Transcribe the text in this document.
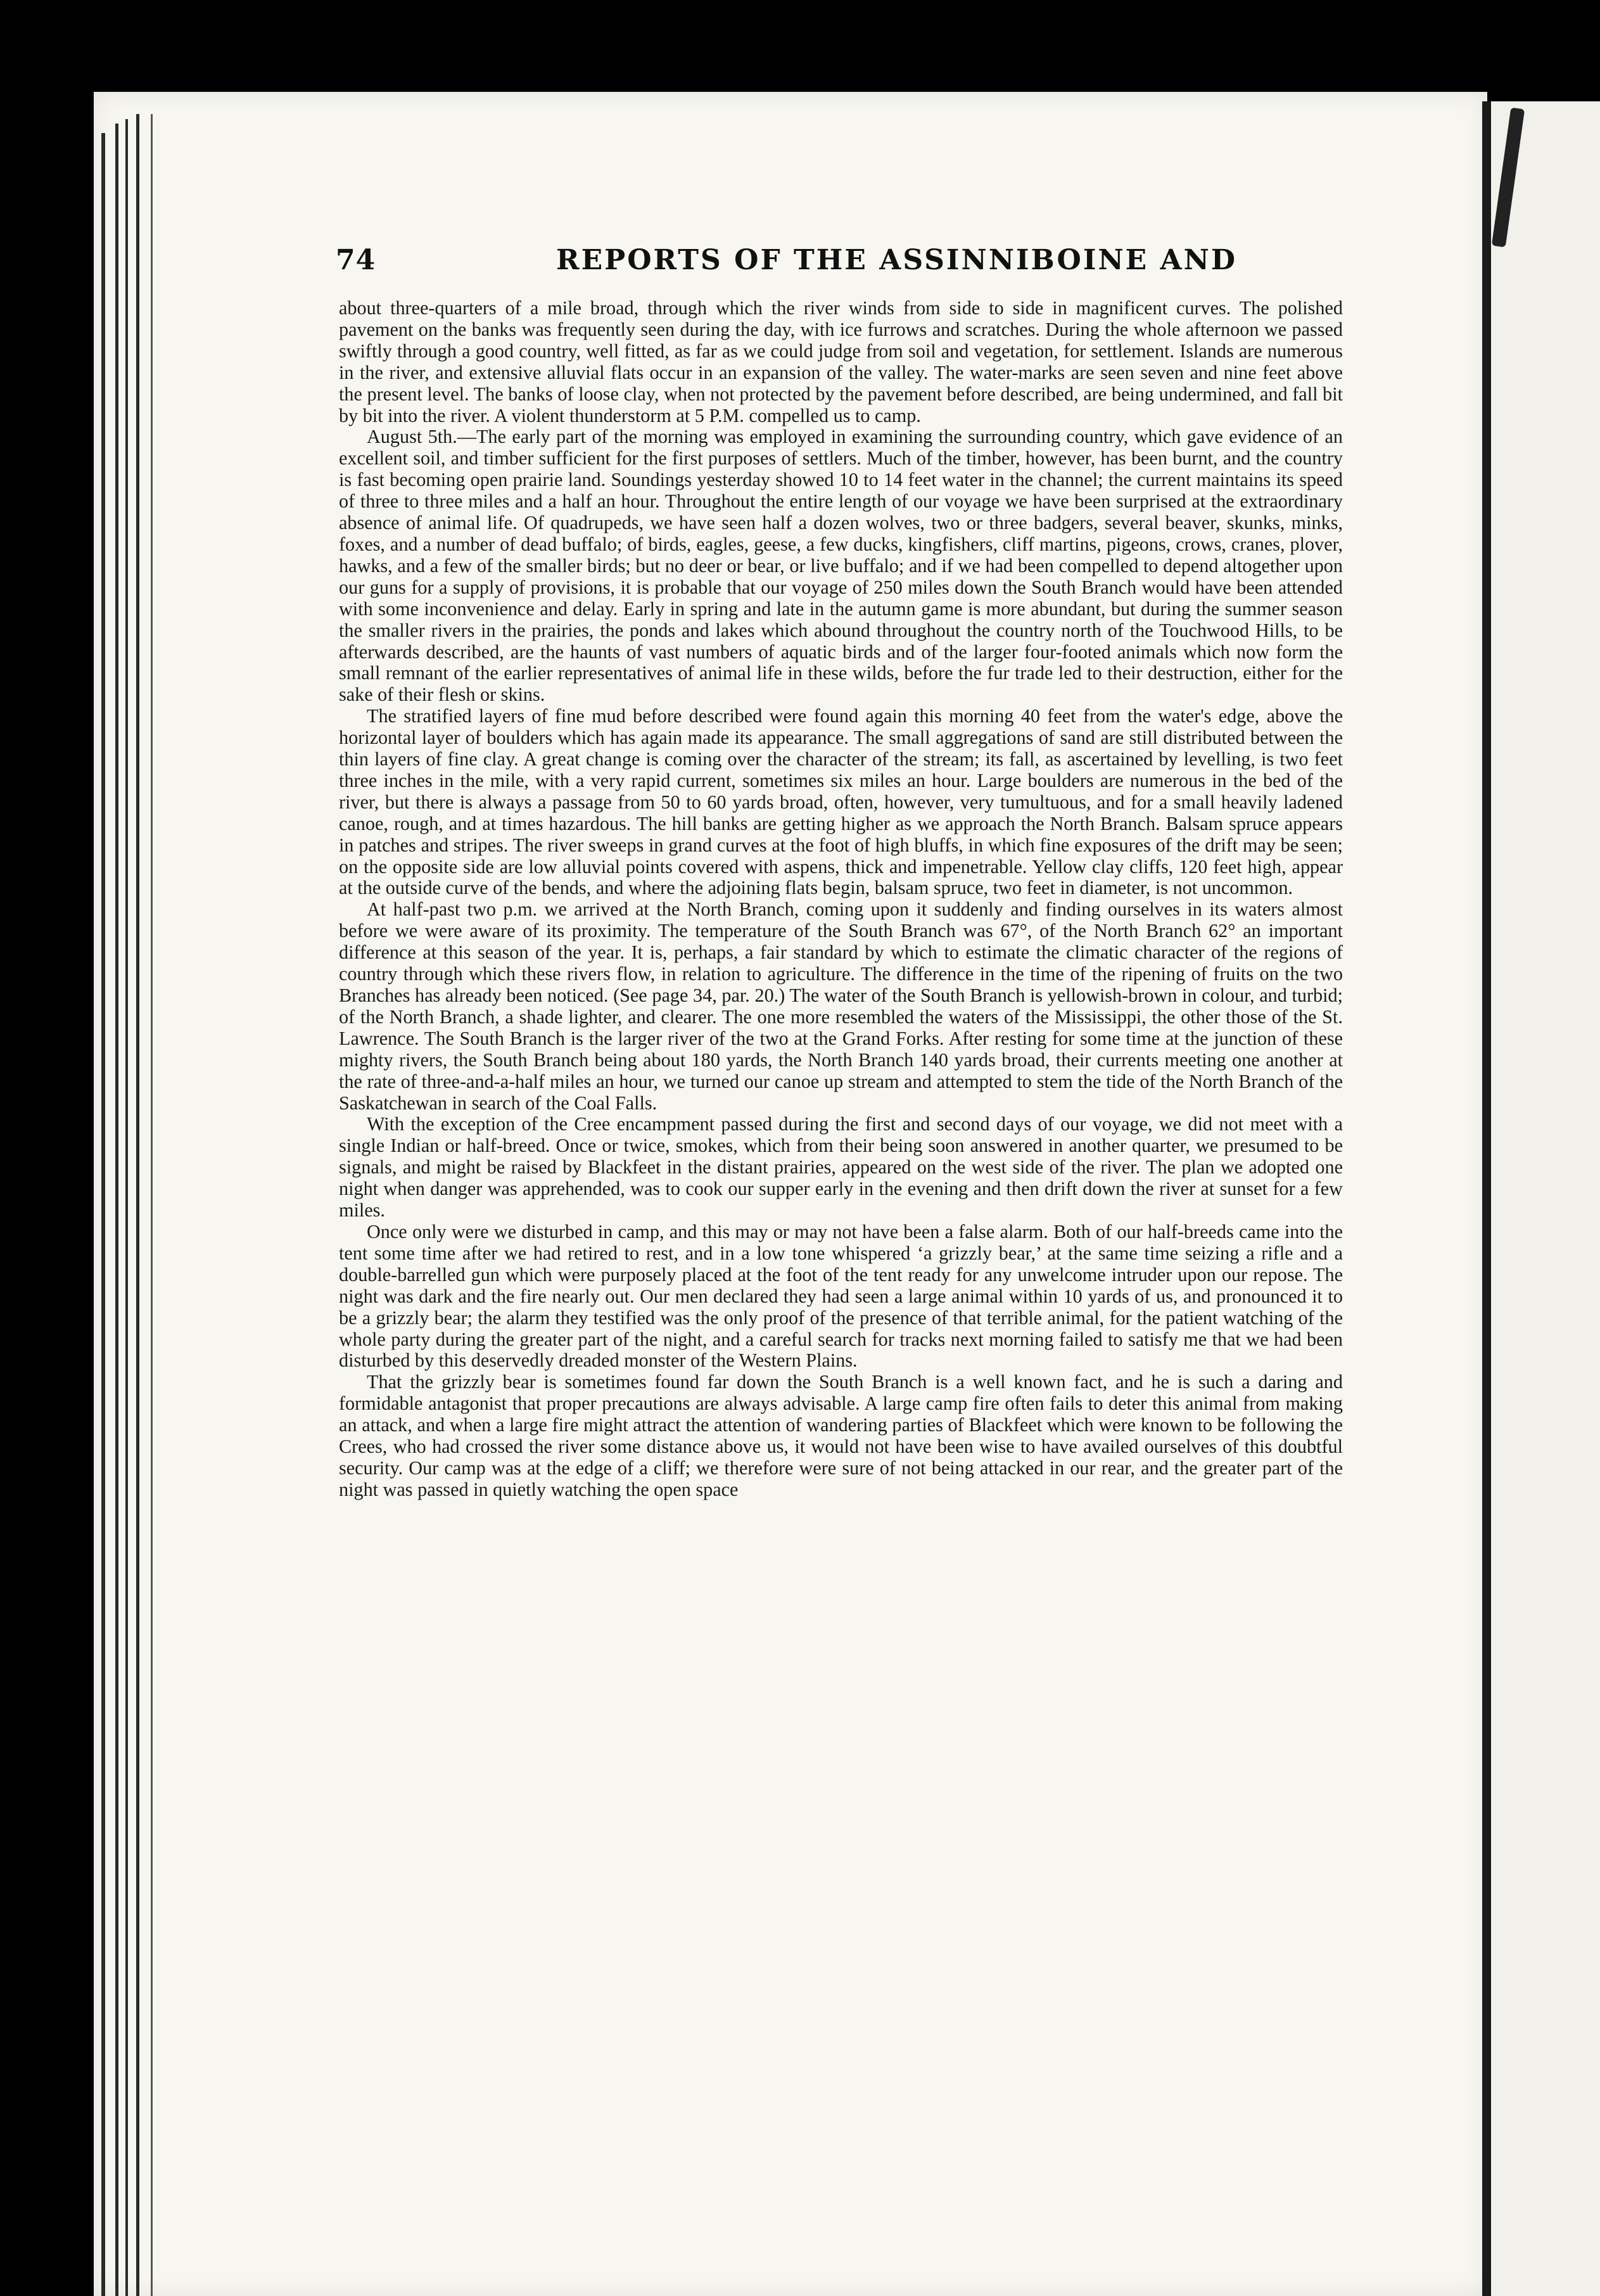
74	REPORTS OF THE ASSINNIBOINE AND

about three-quarters of a mile broad, through which the river winds from side to side in magnificent curves. The polished pavement on the banks was frequently seen during the day, with ice furrows and scratches. During the whole afternoon we passed swiftly through a good country, well fitted, as far as we could judge from soil and vegetation, for settlement. Islands are numerous in the river, and extensive alluvial flats occur in an expansion of the valley. The water-marks are seen seven and nine feet above the present level. The banks of loose clay, when not protected by the pavement before described, are being undermined, and fall bit by bit into the river. A violent thunderstorm at 5 P.M. compelled us to camp.

August 5th.—The early part of the morning was employed in examining the surrounding country, which gave evidence of an excellent soil, and timber sufficient for the first purposes of settlers. Much of the timber, however, has been burnt, and the country is fast becoming open prairie land. Soundings yesterday showed 10 to 14 feet water in the channel; the current maintains its speed of three to three miles and a half an hour. Throughout the entire length of our voyage we have been surprised at the extraordinary absence of animal life. Of quadrupeds, we have seen half a dozen wolves, two or three badgers, several beaver, skunks, minks, foxes, and a number of dead buffalo; of birds, eagles, geese, a few ducks, kingfishers, cliff martins, pigeons, crows, cranes, plover, hawks, and a few of the smaller birds; but no deer or bear, or live buffalo; and if we had been compelled to depend altogether upon our guns for a supply of provisions, it is probable that our voyage of 250 miles down the South Branch would have been attended with some inconvenience and delay. Early in spring and late in the autumn game is more abundant, but during the summer season the smaller rivers in the prairies, the ponds and lakes which abound throughout the country north of the Touchwood Hills, to be afterwards described, are the haunts of vast numbers of aquatic birds and of the larger four-footed animals which now form the small remnant of the earlier representatives of animal life in these wilds, before the fur trade led to their destruction, either for the sake of their flesh or skins.

The stratified layers of fine mud before described were found again this morning 40 feet from the water's edge, above the horizontal layer of boulders which has again made its appearance. The small aggregations of sand are still distributed between the thin layers of fine clay. A great change is coming over the character of the stream; its fall, as ascertained by levelling, is two feet three inches in the mile, with a very rapid current, sometimes six miles an hour. Large boulders are numerous in the bed of the river, but there is always a passage from 50 to 60 yards broad, often, however, very tumultuous, and for a small heavily ladened canoe, rough, and at times hazardous. The hill banks are getting higher as we approach the North Branch. Balsam spruce appears in patches and stripes. The river sweeps in grand curves at the foot of high bluffs, in which fine exposures of the drift may be seen; on the opposite side are low alluvial points covered with aspens, thick and impenetrable. Yellow clay cliffs, 120 feet high, appear at the outside curve of the bends, and where the adjoining flats begin, balsam spruce, two feet in diameter, is not uncommon.

At half-past two p.m. we arrived at the North Branch, coming upon it suddenly and finding ourselves in its waters almost before we were aware of its proximity. The temperature of the South Branch was 67°, of the North Branch 62° an important difference at this season of the year. It is, perhaps, a fair standard by which to estimate the climatic character of the regions of country through which these rivers flow, in relation to agriculture. The difference in the time of the ripening of fruits on the two Branches has already been noticed. (See page 34, par. 20.) The water of the South Branch is yellowish-brown in colour, and turbid; of the North Branch, a shade lighter, and clearer. The one more resembled the waters of the Mississippi, the other those of the St. Lawrence. The South Branch is the larger river of the two at the Grand Forks. After resting for some time at the junction of these mighty rivers, the South Branch being about 180 yards, the North Branch 140 yards broad, their currents meeting one another at the rate of three-and-a-half miles an hour, we turned our canoe up stream and attempted to stem the tide of the North Branch of the Saskatchewan in search of the Coal Falls.

With the exception of the Cree encampment passed during the first and second days of our voyage, we did not meet with a single Indian or half-breed. Once or twice, smokes, which from their being soon answered in another quarter, we presumed to be signals, and might be raised by Blackfeet in the distant prairies, appeared on the west side of the river. The plan we adopted one night when danger was apprehended, was to cook our supper early in the evening and then drift down the river at sunset for a few miles.

Once only were we disturbed in camp, and this may or may not have been a false alarm. Both of our half-breeds came into the tent some time after we had retired to rest, and in a low tone whispered ‘a grizzly bear,’ at the same time seizing a rifle and a double-barrelled gun which were purposely placed at the foot of the tent ready for any unwelcome intruder upon our repose. The night was dark and the fire nearly out. Our men declared they had seen a large animal within 10 yards of us, and pronounced it to be a grizzly bear; the alarm they testified was the only proof of the presence of that terrible animal, for the patient watching of the whole party during the greater part of the night, and a careful search for tracks next morning failed to satisfy me that we had been disturbed by this deservedly dreaded monster of the Western Plains.

That the grizzly bear is sometimes found far down the South Branch is a well known fact, and he is such a daring and formidable antagonist that proper precautions are always advisable. A large camp fire often fails to deter this animal from making an attack, and when a large fire might attract the attention of wandering parties of Blackfeet which were known to be following the Crees, who had crossed the river some distance above us, it would not have been wise to have availed ourselves of this doubtful security. Our camp was at the edge of a cliff; we therefore were sure of not being attacked in our rear, and the greater part of the night was passed in quietly watching the open space
